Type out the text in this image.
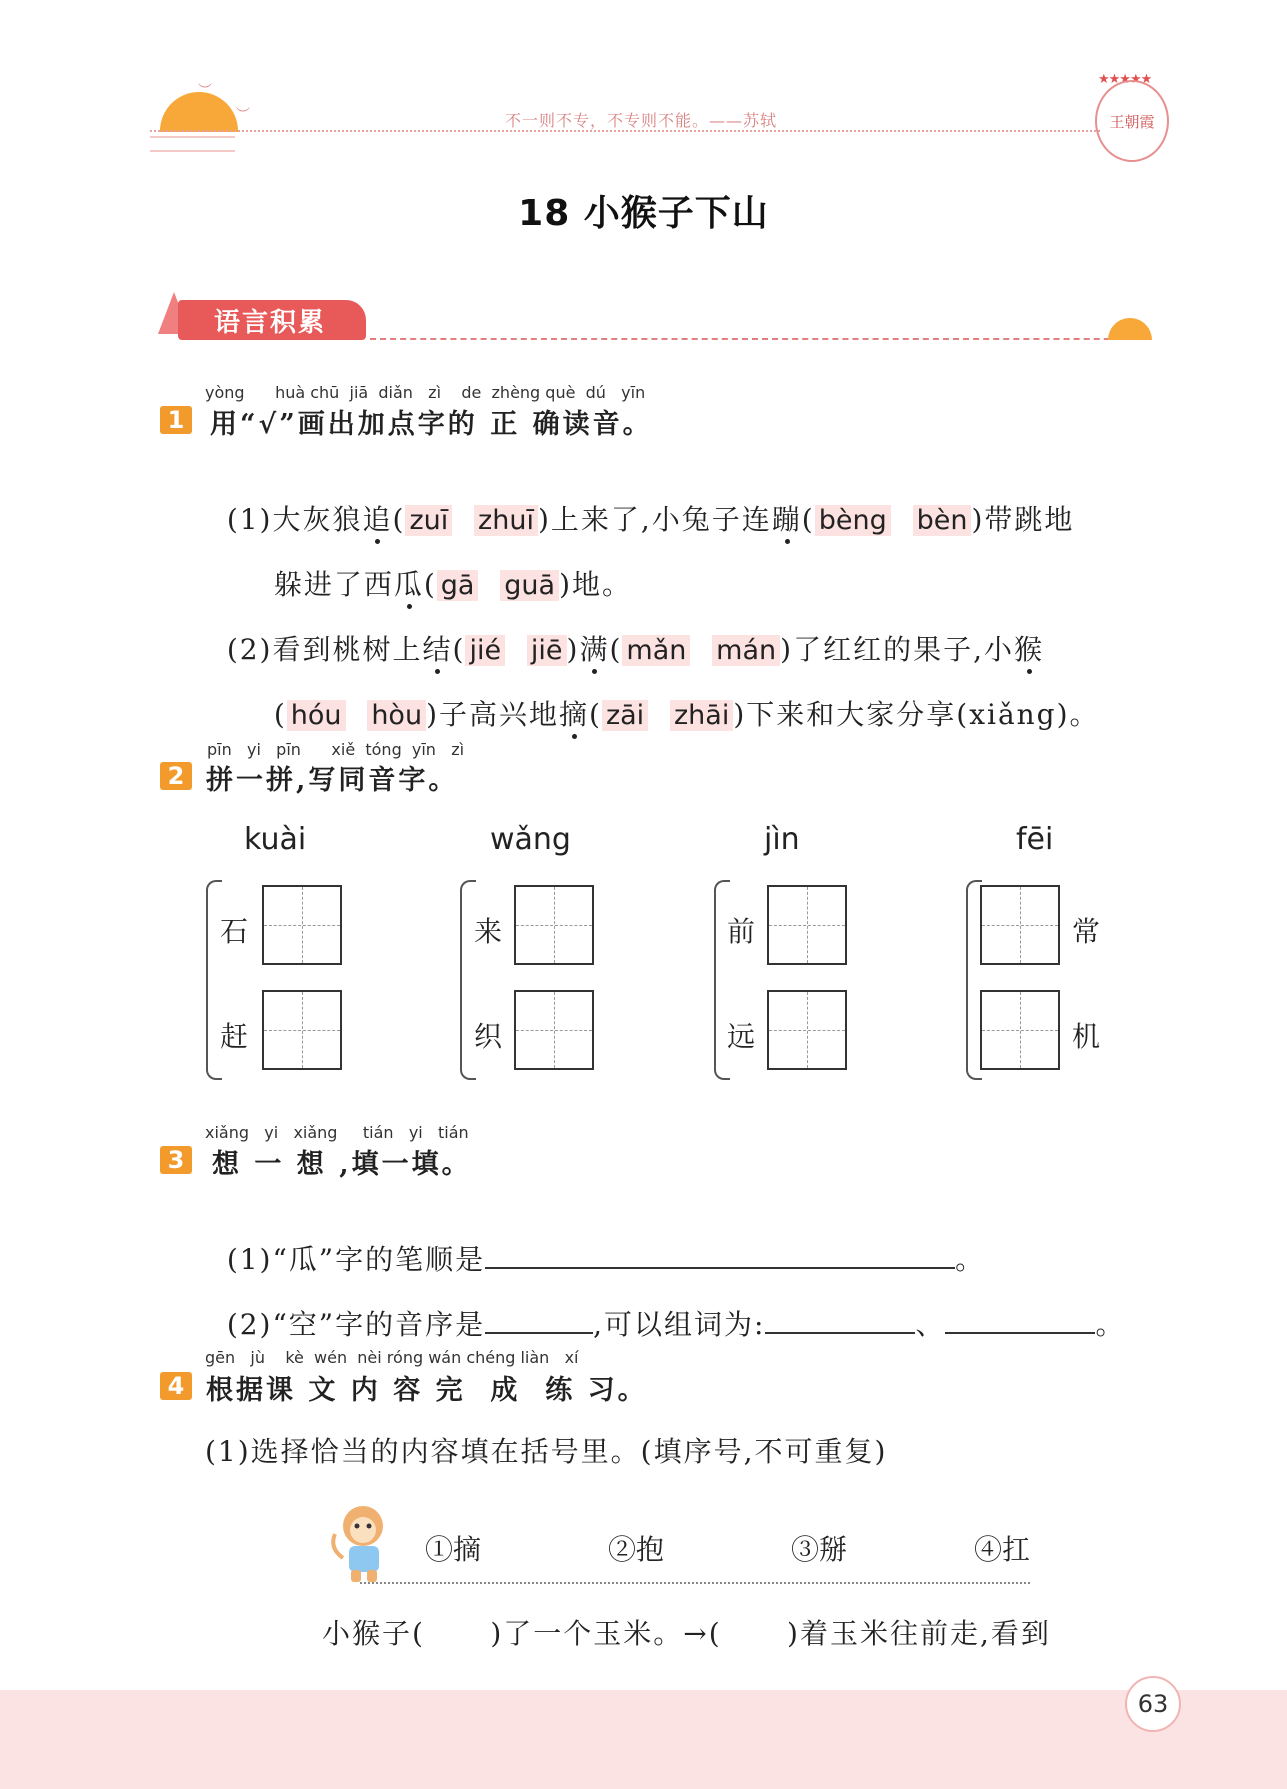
︶
︶	不一则不专，不专则不能。——苏轼
★★★★★
王朝霞
18 小猴子下山
语言积累
yòng      huà chū  jiā  diǎn   zì    de  zhèng què  dú   yīn
1 用“√”画出加点字的 正 确读音。

(1)大灰狼追( zuī zhuī )上来了,小兔子连蹦( bèng bèn )带跳地

躲进了西瓜( gā guā )地。

(2)看到桃树上结( jié jiē )满( mǎn mán )了红红的果子,小猴

( hóu hòu )子高兴地摘( zāi zhāi )下来和大家分享(xiǎng)。

pīn   yi   pīn      xiě  tóng  yīn   zì
2 拼一拼,写同音字。
kuài
石
赶
wǎng
来
织
jìn
前
远
fēi
常
机
xiǎng   yi   xiǎng     tián   yi   tián
3 想 一 想 ,填一填。

(1)“瓜”字的笔顺是	。

(2)“空”字的音序是	,可以组词为:	、	。

gēn   jù    kè  wén  nèi róng wán chéng liàn   xí
4 根据课 文 内 容 完  成  练 习。
(1)选择恰当的内容填在括号里。(填序号,不可重复)
①摘	②抱	③掰	④扛
小猴子(      )了一个玉米。→(      )着玉米往前走,看到
63
